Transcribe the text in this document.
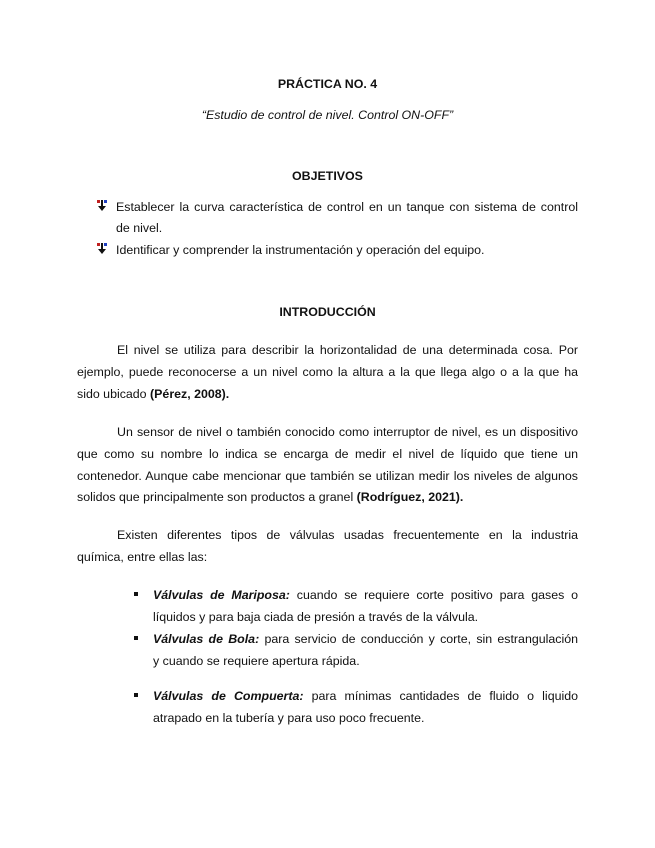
PRÁCTICA NO. 4
“Estudio de control de nivel. Control ON-OFF”
OBJETIVOS
Establecer la curva característica de control en un tanque con sistema de control
de nivel.
Identificar y comprender la instrumentación y operación del equipo.
INTRODUCCIÓN
El nivel se utiliza para describir la horizontalidad de una determinada cosa. Por
ejemplo, puede reconocerse a un nivel como la altura a la que llega algo o a la que ha
sido ubicado (Pérez, 2008).
Un sensor de nivel o también conocido como interruptor de nivel, es un dispositivo
que como su nombre lo indica se encarga de medir el nivel de líquido que tiene un
contenedor. Aunque cabe mencionar que también se utilizan medir los niveles de algunos
solidos que principalmente son productos a granel (Rodríguez, 2021).
Existen diferentes tipos de válvulas usadas frecuentemente en la industria
química, entre ellas las:
Válvulas de Mariposa: cuando se requiere corte positivo para gases o
líquidos y para baja ciada de presión a través de la válvula.
Válvulas de Bola: para servicio de conducción y corte, sin estrangulación
y cuando se requiere apertura rápida.
Válvulas de Compuerta: para mínimas cantidades de fluido o liquido
atrapado en la tubería y para uso poco frecuente.
